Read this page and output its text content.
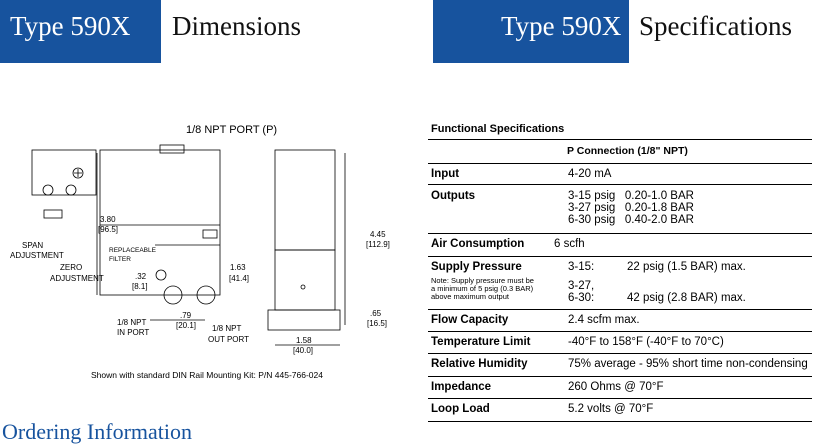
Type 590X	Dimensions	Type 590X Specifications
1/8 NPT PORT (P)
3.80
[96.5]
SPAN
ADJUSTMENT
ZERO
ADJUSTMENT
REPLACEABLE
FILTER
.32
[8.1]
1.63
[41.4]
.79
[20.1]
1/8 NPT
IN PORT	1/8 NPT
OUT PORT
4.45
[112.9]
.65
[16.5]
1.58
[40.0]
Shown with standard DIN Rail Mounting Kit: P/N 445-766-024
Functional Specifications
P Connection (1/8" NPT)
Input	4-20 mA
Outputs	3-15 psig   0.20-1.0 BAR
3-27 psig   0.20-1.8 BAR
6-30 psig   0.40-2.0 BAR
Air Consumption	6 scfh
Supply Pressure
Note: Supply pressure must be
a minimum of 5 psig (0.3 BAR)
above maximum output
3-15:	22 psig (1.5 BAR) max.
3-27,
6-30:	42 psig (2.8 BAR) max.
Flow Capacity	2.4 scfm max.
Temperature Limit	-40°F to 158°F (-40°F to 70°C)
Relative Humidity	75% average - 95% short time non-condensing
Impedance	260 Ohms @ 70°F
Loop Load	5.2 volts @ 70°F
Ordering Information
